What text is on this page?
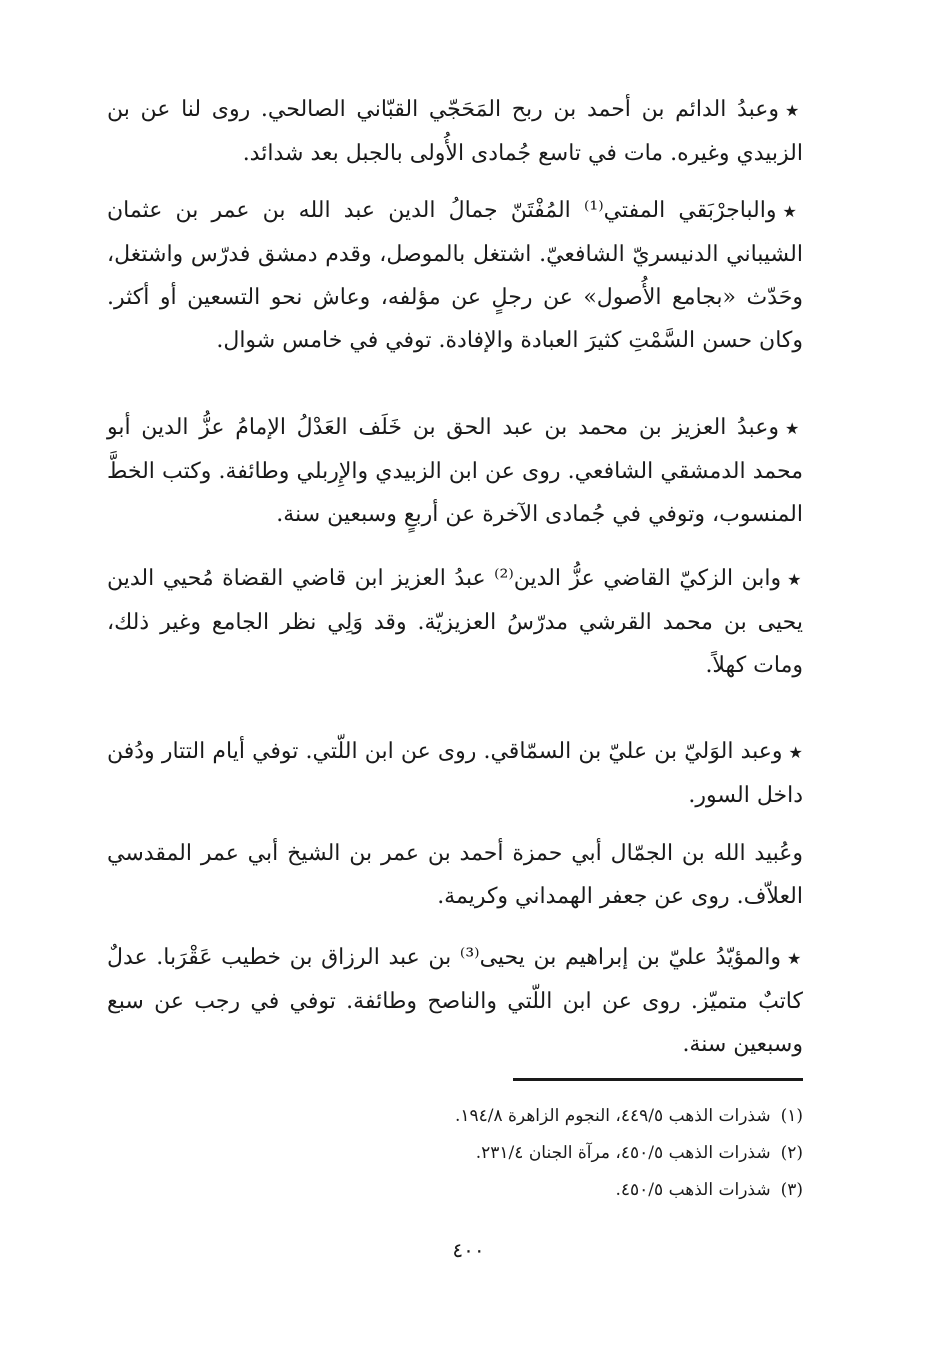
★وعبدُ الدائم بن أحمد بن ربح المَحَجّي القبّاني الصالحي. روى لنا عن بن الزبيدي وغيره. مات في تاسع جُمادى الأُولى بالجبل بعد شدائد.

★والباجرْبَقي المفتي⁽¹⁾ المُفْتَنّ جمالُ الدين عبد الله بن عمر بن عثمان الشيباني الدنيسريّ الشافعيّ. اشتغل بالموصل، وقدم دمشق فدرّس واشتغل، وحَدّث «بجامع الأُصول» عن رجلٍ عن مؤلفه، وعاش نحو التسعين أو أكثر. وكان حسن السَّمْتِ كثيرَ العبادة والإفادة. توفي في خامس شوال.

★وعبدُ العزيز بن محمد بن عبد الحق بن خَلَف العَدْلُ الإمامُ عزُّ الدين أبو محمد الدمشقي الشافعي. روى عن ابن الزبيدي والإِربلي وطائفة. وكتب الخطَّ المنسوب، وتوفي في جُمادى الآخرة عن أربعٍ وسبعين سنة.

★وابن الزكيّ القاضي عزُّ الدين⁽²⁾ عبدُ العزيز ابن قاضي القضاة مُحيي الدين يحيى بن محمد القرشي مدرّسُ العزيزيّة. وقد وَلِي نظر الجامع وغير ذلك، ومات كهلاً.

★وعبد الوَليّ بن عليّ بن السمّاقي. روى عن ابن اللّتي. توفي أيام التتار ودُفن داخل السور.

وعُبيد الله بن الجمّال أبي حمزة أحمد بن عمر بن الشيخ أبي عمر المقدسي العلاّف. روى عن جعفر الهمداني وكريمة.

★والمؤيّدُ عليّ بن إبراهيم بن يحيى⁽³⁾ بن عبد الرزاق بن خطيب عَقْرَبا. عدلٌ كاتبٌ متميّز. روى عن ابن اللّتي والناصح وطائفة. توفي في رجب عن سبع وسبعين سنة.

(١)شذرات الذهب ٤٤٩/٥، النجوم الزاهرة ١٩٤/٨.
(٢)شذرات الذهب ٤٥٠/٥، مرآة الجنان ٢٣١/٤.
(٣)شذرات الذهب ٤٥٠/٥.
٤٠٠
